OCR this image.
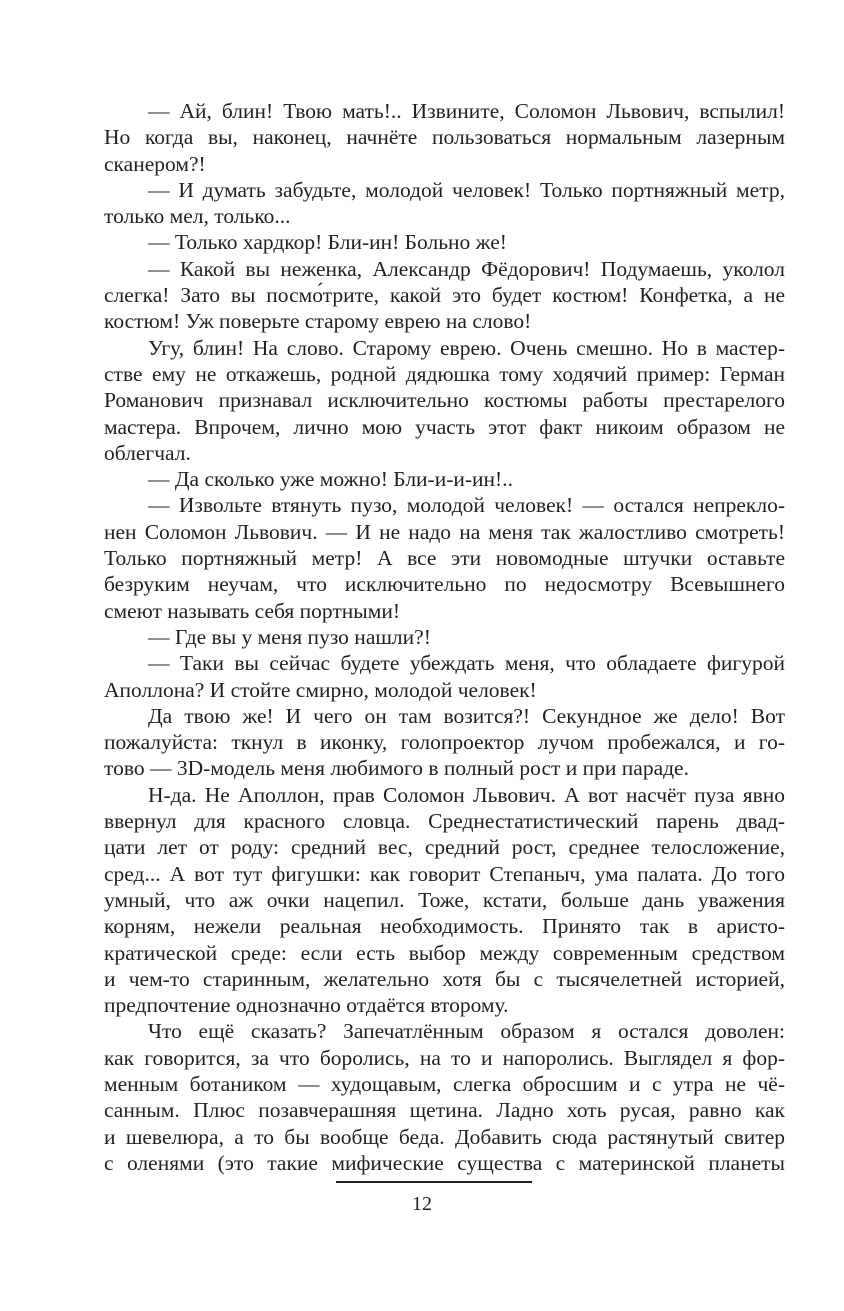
— Ай, блин! Твою мать!.. Извините, Соломон Львович, вспылил!
Но когда вы, наконец, начнёте пользоваться нормальным лазерным
сканером?!
— И думать забудьте, молодой человек! Только портняжный метр,
только мел, только...
— Только хардкор! Бли-ин! Больно же!
— Какой вы неженка, Александр Фёдорович! Подумаешь, уколол
слегка! Зато вы посмо́трите, какой это будет костюм! Конфетка, а не
костюм! Уж поверьте старому еврею на слово!
Угу, блин! На слово. Старому еврею. Очень смешно. Но в мастер-
стве ему не откажешь, родной дядюшка тому ходячий пример: Герман
Романович признавал исключительно костюмы работы престарелого
мастера. Впрочем, лично мою участь этот факт никоим образом не
облегчал.
— Да сколько уже можно! Бли-и-и-ин!..
— Извольте втянуть пузо, молодой человек! — остался непрекло-
нен Соломон Львович. — И не надо на меня так жалостливо смотреть!
Только портняжный метр! А все эти новомодные штучки оставьте
безруким неучам, что исключительно по недосмотру Всевышнего
смеют называть себя портными!
— Где вы у меня пузо нашли?!
— Таки вы сейчас будете убеждать меня, что обладаете фигурой
Аполлона? И стойте смирно, молодой человек!
Да твою же! И чего он там возится?! Секундное же дело! Вот
пожалуйста: ткнул в иконку, голопроектор лучом пробежался, и го-
тово — 3D-модель меня любимого в полный рост и при параде.
Н-да. Не Аполлон, прав Соломон Львович. А вот насчёт пуза явно
ввернул для красного словца. Среднестатистический парень двад-
цати лет от роду: средний вес, средний рост, среднее телосложение,
сред... А вот тут фигушки: как говорит Степаныч, ума палата. До того
умный, что аж очки нацепил. Тоже, кстати, больше дань уважения
корням, нежели реальная необходимость. Принято так в аристо-
кратической среде: если есть выбор между современным средством
и чем-то старинным, желательно хотя бы с тысячелетней историей,
предпочтение однозначно отдаётся второму.
Что ещё сказать? Запечатлённым образом я остался доволен:
как говорится, за что боролись, на то и напоролись. Выглядел я фор-
менным ботаником — худощавым, слегка обросшим и с утра не чё-
санным. Плюс позавчерашняя щетина. Ладно хоть русая, равно как
и шевелюра, а то бы вообще беда. Добавить сюда растянутый свитер
с оленями (это такие мифические существа с материнской планеты
12
